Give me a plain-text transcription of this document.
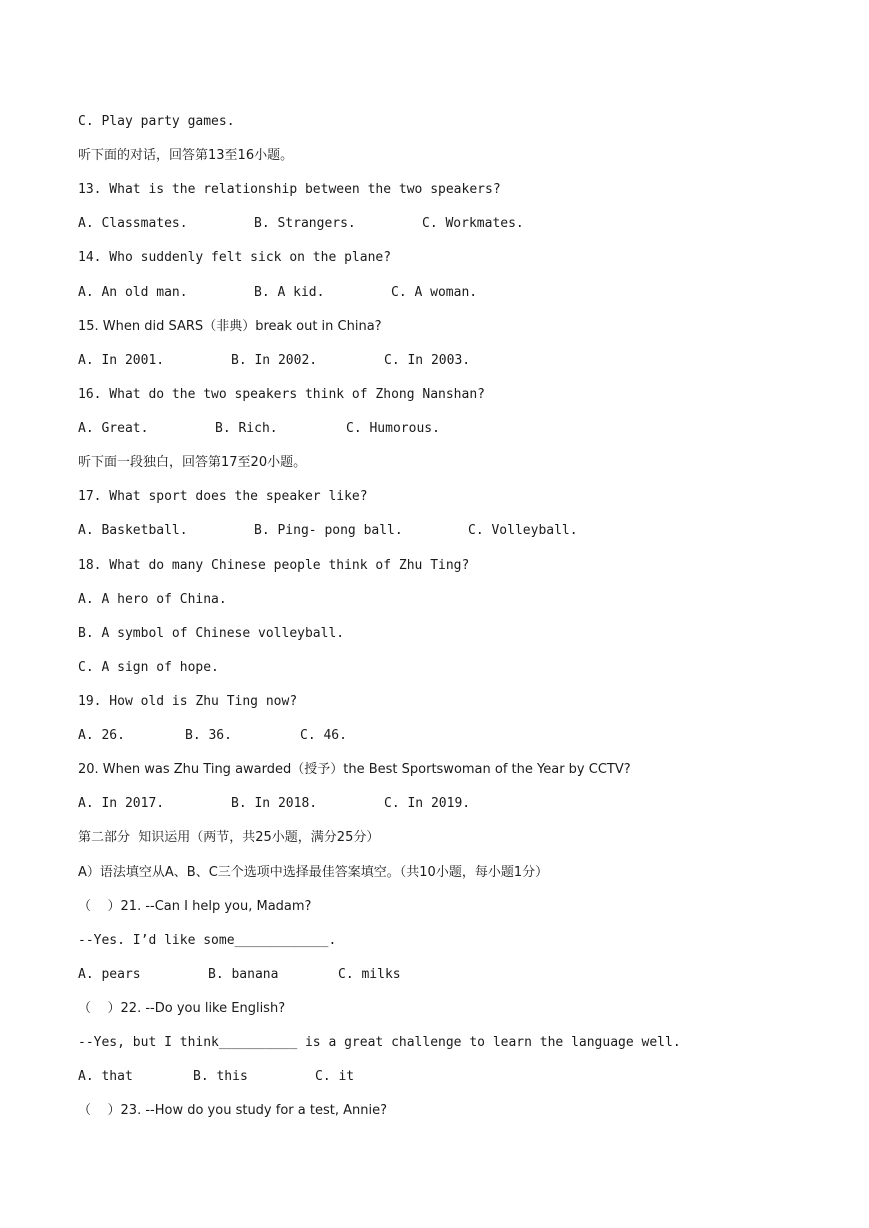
C. Play party games.
听下面的对话，回答第13至16小题。
13. What is the relationship between the two speakers?
A. Classmates.	B. Strangers.	C. Workmates.
14. Who suddenly felt sick on the plane?
A. An old man.	B. A kid.	C. A woman.
15. When did SARS（非典）break out in China?
A. In 2001.	B. In 2002.	C. In 2003.
16. What do the two speakers think of Zhong Nanshan?
A. Great.	B. Rich.	C. Humorous.
听下面一段独白，回答第17至20小题。
17. What sport does the speaker like?
A. Basketball.	B. Ping- pong ball.	C. Volleyball.
18. What do many Chinese people think of Zhu Ting?
A. A hero of China.
B. A symbol of Chinese volleyball.
C. A sign of hope.
19. How old is Zhu Ting now?
A. 26.	B. 36.	C. 46.
20. When was Zhu Ting awarded（授予）the Best Sportswoman of the Year by CCTV?
A. In 2017.	B. In 2018.	C. In 2019.
第二部分  知识运用（两节，共25小题，满分25分）
A）语法填空从A、B、C三个选项中选择最佳答案填空。（共10小题，每小题1分）
（    ）21. --Can I help you, Madam?
--Yes. I’d like some____________.
A. pears	B. banana	C. milks
（    ）22. --Do you like English?
--Yes, but I think__________ is a great challenge to learn the language well.
A. that	B. this	C. it
（    ）23. --How do you study for a test, Annie?
